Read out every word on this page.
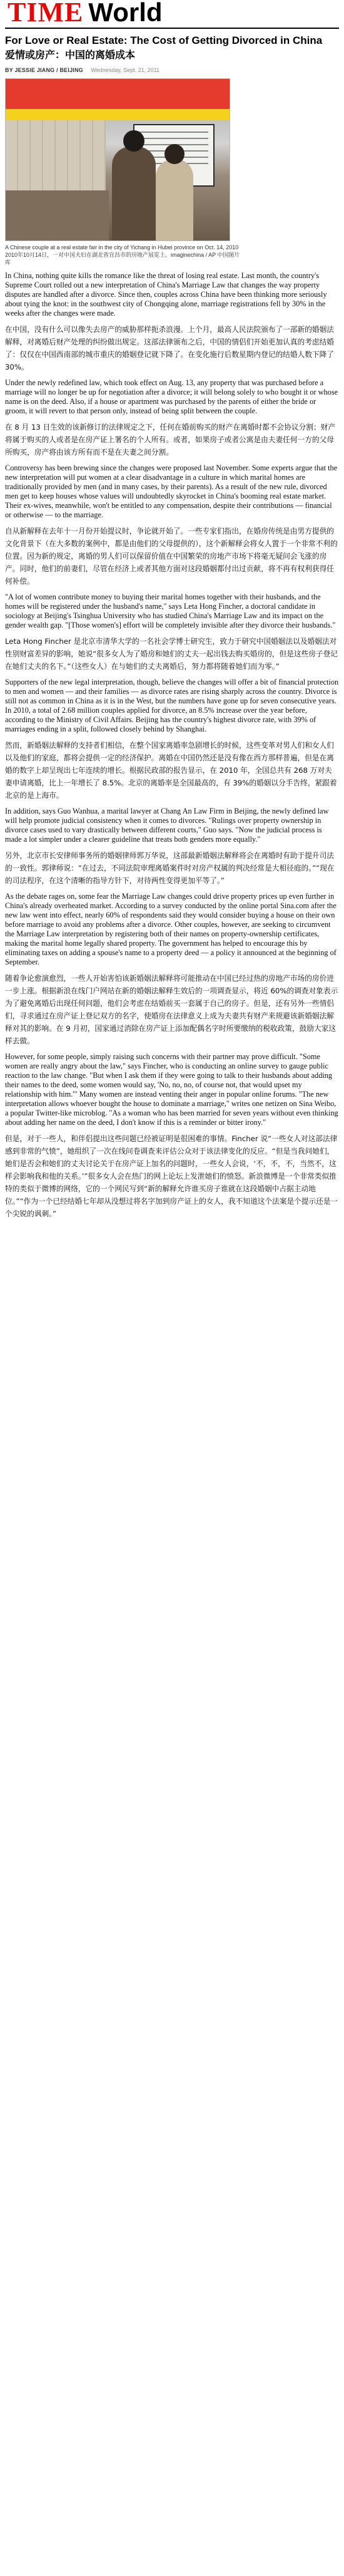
TIME World
For Love or Real Estate: The Cost of Getting Divorced in China
爱情或房产：中国的离婚成本
BY JESSIE JIANG / BEIJING Wednesday, Sept. 21, 2011

A Chinese couple at a real estate fair in the city of Yichang in Hubei province on Oct. 14, 2010 2010年10月14日，一对中国夫妇在湖北省宜昌市的房地产展览上。imaginechina / AP 中国图片库

In China, nothing quite kills the romance like the threat of losing real estate. Last month, the country's Supreme Court rolled out a new interpretation of China's Marriage Law that changes the way property disputes are handled after a divorce. Since then, couples across China have been thinking more seriously about tying the knot: in the southwest city of Chongqing alone, marriage registrations fell by 30% in the weeks after the changes were made.

在中国，没有什么可以像失去房产的威胁那样扼杀浪漫。上个月，最高人民法院颁布了一部新的婚姻法解释，对离婚后财产处理的纠纷做出规定。这部法律颁布之后，中国的情侣们开始更加认真的考虑结婚了：仅仅在中国西南部的城市重庆的婚姻登记就下降了。在变化施行后数星期内登记的结婚人数下降了 30%。

Under the newly redefined law, which took effect on Aug. 13, any property that was purchased before a marriage will no longer be up for negotiation after a divorce; it will belong solely to who bought it or whose name is on the deed. Also, if a house or apartment was purchased by the parents of either the bride or groom, it will revert to that person only, instead of being split between the couple.

在 8 月 13 日生效的该新修订的法律规定之下，任何在婚前购买的财产在离婚时都不会协议分割；财产将属于购买的人或者是在房产证上署名的个人所有。或者，如果房子或者公寓是由夫妻任何一方的父母所购买，房产将由该方所有而不是在夫妻之间分割。

Controversy has been brewing since the changes were proposed last November. Some experts argue that the new interpretation will put women at a clear disadvantage in a culture in which marital homes are traditionally provided by men (and in many cases, by their parents). As a result of the new rule, divorced men get to keep houses whose values will undoubtedly skyrocket in China's booming real estate market. Their ex-wives, meanwhile, won't be entitled to any compensation, despite their contributions — financial or otherwise — to the marriage.

自从新解释在去年十一月份开始提议时，争论就开始了。一些专家们指出，在婚房传统是由男方提供的文化背景下（在大多数的案例中，都是由他们的父母提供的），这个新解释会将女人置于一个非常不利的位置。因为新的规定，离婚的男人们可以保留价值在中国繁荣的房地产市场下将毫无疑问会飞涨的房产。同时，他们的前妻们，尽管在经济上或者其他方面对这段婚姻都付出过贡献，将不再有权利获得任何补偿。

"A lot of women contribute money to buying their marital homes together with their husbands, and the homes will be registered under the husband's name," says Leta Hong Fincher, a doctoral candidate in sociology at Beijing's Tsinghua University who has studied China's Marriage Law and its impact on the gender wealth gap. "[Those women's] effort will be completely invisible after they divorce their husbands."

Leta Hong Fincher 是北京市清华大学的一名社会学博士研究生，致力于研究中国婚姻法以及婚姻法对性别财富差异的影响，她说“很多女人为了婚房和她们的丈夫一起出钱去购买婚房的，但是这些房子登记在她们丈夫的名下。”（这些女人）在与她们的丈夫离婚后，努力都将随着她们而为零。”

Supporters of the new legal interpretation, though, believe the changes will offer a bit of financial protection to men and women — and their families — as divorce rates are rising sharply across the country. Divorce is still not as common in China as it is in the West, but the numbers have gone up for seven consecutive years. In 2010, a total of 2.68 million couples applied for divorce, an 8.5% increase over the year before, according to the Ministry of Civil Affairs. Beijing has the country's highest divorce rate, with 39% of marriages ending in a split, followed closely behind by Shanghai.

然而，新婚姻法解释的支持者们相信，在整个国家离婚率急剧增长的时候，这些变革对男人们和女人们以及他们的家庭，都将会提供一定的经济保护。离婚在中国仍然还是没有像在西方那样普遍，但是在离婚的数字上却呈现出七年连续的增长。根据民政部的报告显示，在 2010 年，全国总共有 268 万对夫妻申请离婚，比上一年增长了 8.5%。北京的离婚率是全国最高的，有 39%的婚姻以分手告终，紧跟着北京的是上海市。

In addition, says Guo Wanhua, a marital lawyer at Chang An Law Firm in Beijing, the newly defined law will help promote judicial consistency when it comes to divorces. "Rulings over property ownership in divorce cases used to vary drastically between different courts," Guo says. "Now the judicial process is made a lot simpler under a clearer guideline that treats both genders more equally."

另外，北京市长安律师事务所的婚姻律师郭万华说，这部最新婚姻法解释将会在离婚时有助于提升司法的一致性。郭律师说：“在过去，不同法院审理离婚案件时对房产权属的判决经常是大相径庭的。”“现在的司法程序，在这个清晰的指导方针下，对待两性变得更加平等了。”

As the debate rages on, some fear the Marriage Law changes could drive property prices up even further in China's already overheated market. According to a survey conducted by the online portal Sina.com after the new law went into effect, nearly 60% of respondents said they would consider buying a house on their own before marriage to avoid any problems after a divorce. Other couples, however, are seeking to circumvent the Marriage Law interpretation by registering both of their names on property-ownership certificates, making the marital home legally shared property. The government has helped to encourage this by eliminating taxes on adding a spouse's name to a property deed — a policy it announced at the beginning of September.

随着争论愈演愈烈，一些人开始害怕该新婚姻法解释将可能推动在中国已经过热的房地产市场的房价进一步上涨。根据新浪在线门户网站在新的婚姻法解释生效后的一项调查显示，将近 60%的调查对象表示为了避免离婚后出现任何问题，他们会考虑在结婚前买一套属于自己的房子。但是，还有另外一些情侣们，寻求通过在房产证上登记双方的名字，使婚房在法律意义上成为夫妻共有财产来规避该新婚姻法解释对其的影响。在 9 月初，国家通过消除在房产证上添加配偶名字时所要缴纳的税收政策，鼓励大家这样去做。

However, for some people, simply raising such concerns with their partner may prove difficult. "Some women are really angry about the law," says Fincher, who is conducting an online survey to gauge public reaction to the law change. "But when I ask them if they were going to talk to their husbands about adding their names to the deed, some women would say, 'No, no, no, of course not, that would upset my relationship with him.'" Many women are instead venting their anger in popular online forums. "The new interpretation allows whoever bought the house to dominate a marriage," writes one netizen on Sina Weibo, a popular Twitter-like microblog. "As a woman who has been married for seven years without even thinking about adding her name on the deed, I don't know if this is a reminder or bitter irony."

但是，对于一些人，和伴侣提出这些问题已经被证明是很困难的事情。Fincher 说“一些女人对这部法律感到非常的气愤”，她组织了一次在线问卷调查来评估公众对于该法律变化的反应。“但是当我问她们，她们是否会和她们的丈夫讨论关于在房产证上加名的问题时，一些女人会说，‘不，不，不，当然不，这样会影响我和他的关系。’”很多女人会在热门的网上论坛上发泄她们的愤怒。新浪微博是一个非常类似推特的类似于微博的网络，它的一个网民写到“新的解释允许谁买房子谁就在这段婚姻中占据主动地位。”“作为一个已经结婚七年却从没想过将名字加到房产证上的女人，我不知道这个法案是个提示还是一个尖锐的讽刺。”
